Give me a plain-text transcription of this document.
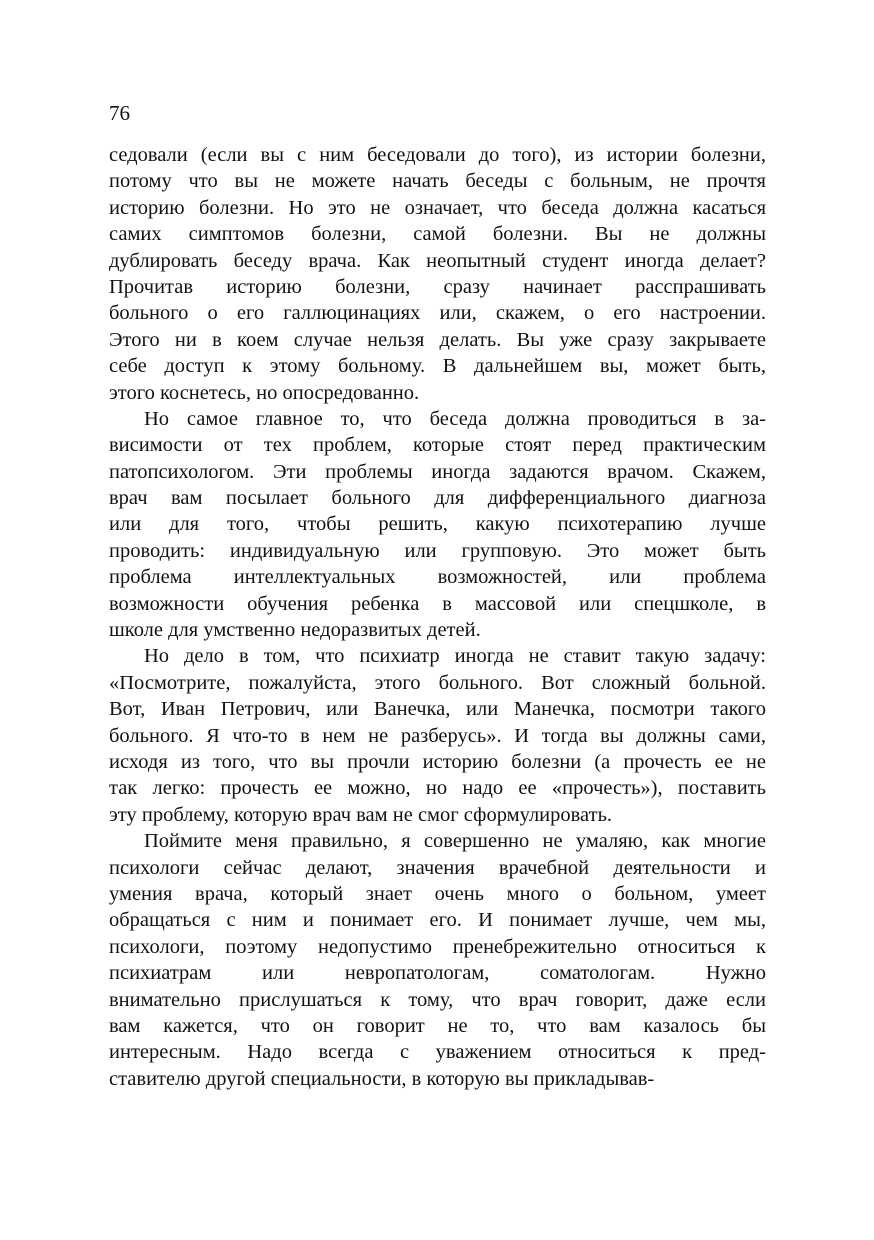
76
седовали (если вы с ним беседовали до того), из истории болезни,
потому что вы не можете начать беседы с больным, не прочтя
историю болезни. Но это не означает, что беседа должна касаться
самих симптомов болезни, самой болезни. Вы не должны
дублировать беседу врача. Как неопытный студент иногда делает?
Прочитав историю болезни, сразу начинает расспрашивать
больного о его галлюцинациях или, скажем, о его настроении.
Этого ни в коем случае нельзя делать. Вы уже сразу закрываете
себе доступ к этому больному. В дальнейшем вы, может быть,
этого коснетесь, но опосредованно.
Но самое главное то, что беседа должна проводиться в за-
висимости от тех проблем, которые стоят перед практическим
патопсихологом. Эти проблемы иногда задаются врачом. Скажем,
врач вам посылает больного для дифференциального диагноза
или для того, чтобы решить, какую психотерапию лучше
проводить: индивидуальную или групповую. Это может быть
проблема интеллектуальных возможностей, или проблема
возможности обучения ребенка в массовой или спецшколе, в
школе для умственно недоразвитых детей.
Но дело в том, что психиатр иногда не ставит такую задачу:
«Посмотрите, пожалуйста, этого больного. Вот сложный больной.
Вот, Иван Петрович, или Ванечка, или Манечка, посмотри такого
больного. Я что-то в нем не разберусь». И тогда вы должны сами,
исходя из того, что вы прочли историю болезни (а прочесть ее не
так легко: прочесть ее можно, но надо ее «прочесть»), поставить
эту проблему, которую врач вам не смог сформулировать.
Поймите меня правильно, я совершенно не умаляю, как многие
психологи сейчас делают, значения врачебной деятельности и
умения врача, который знает очень много о больном, умеет
обращаться с ним и понимает его. И понимает лучше, чем мы,
психологи, поэтому недопустимо пренебрежительно относиться к
психиатрам или невропатологам, соматологам. Нужно
внимательно прислушаться к тому, что врач говорит, даже если
вам кажется, что он говорит не то, что вам казалось бы
интересным. Надо всегда с уважением относиться к пред-
ставителю другой специальности, в которую вы прикладывав-
